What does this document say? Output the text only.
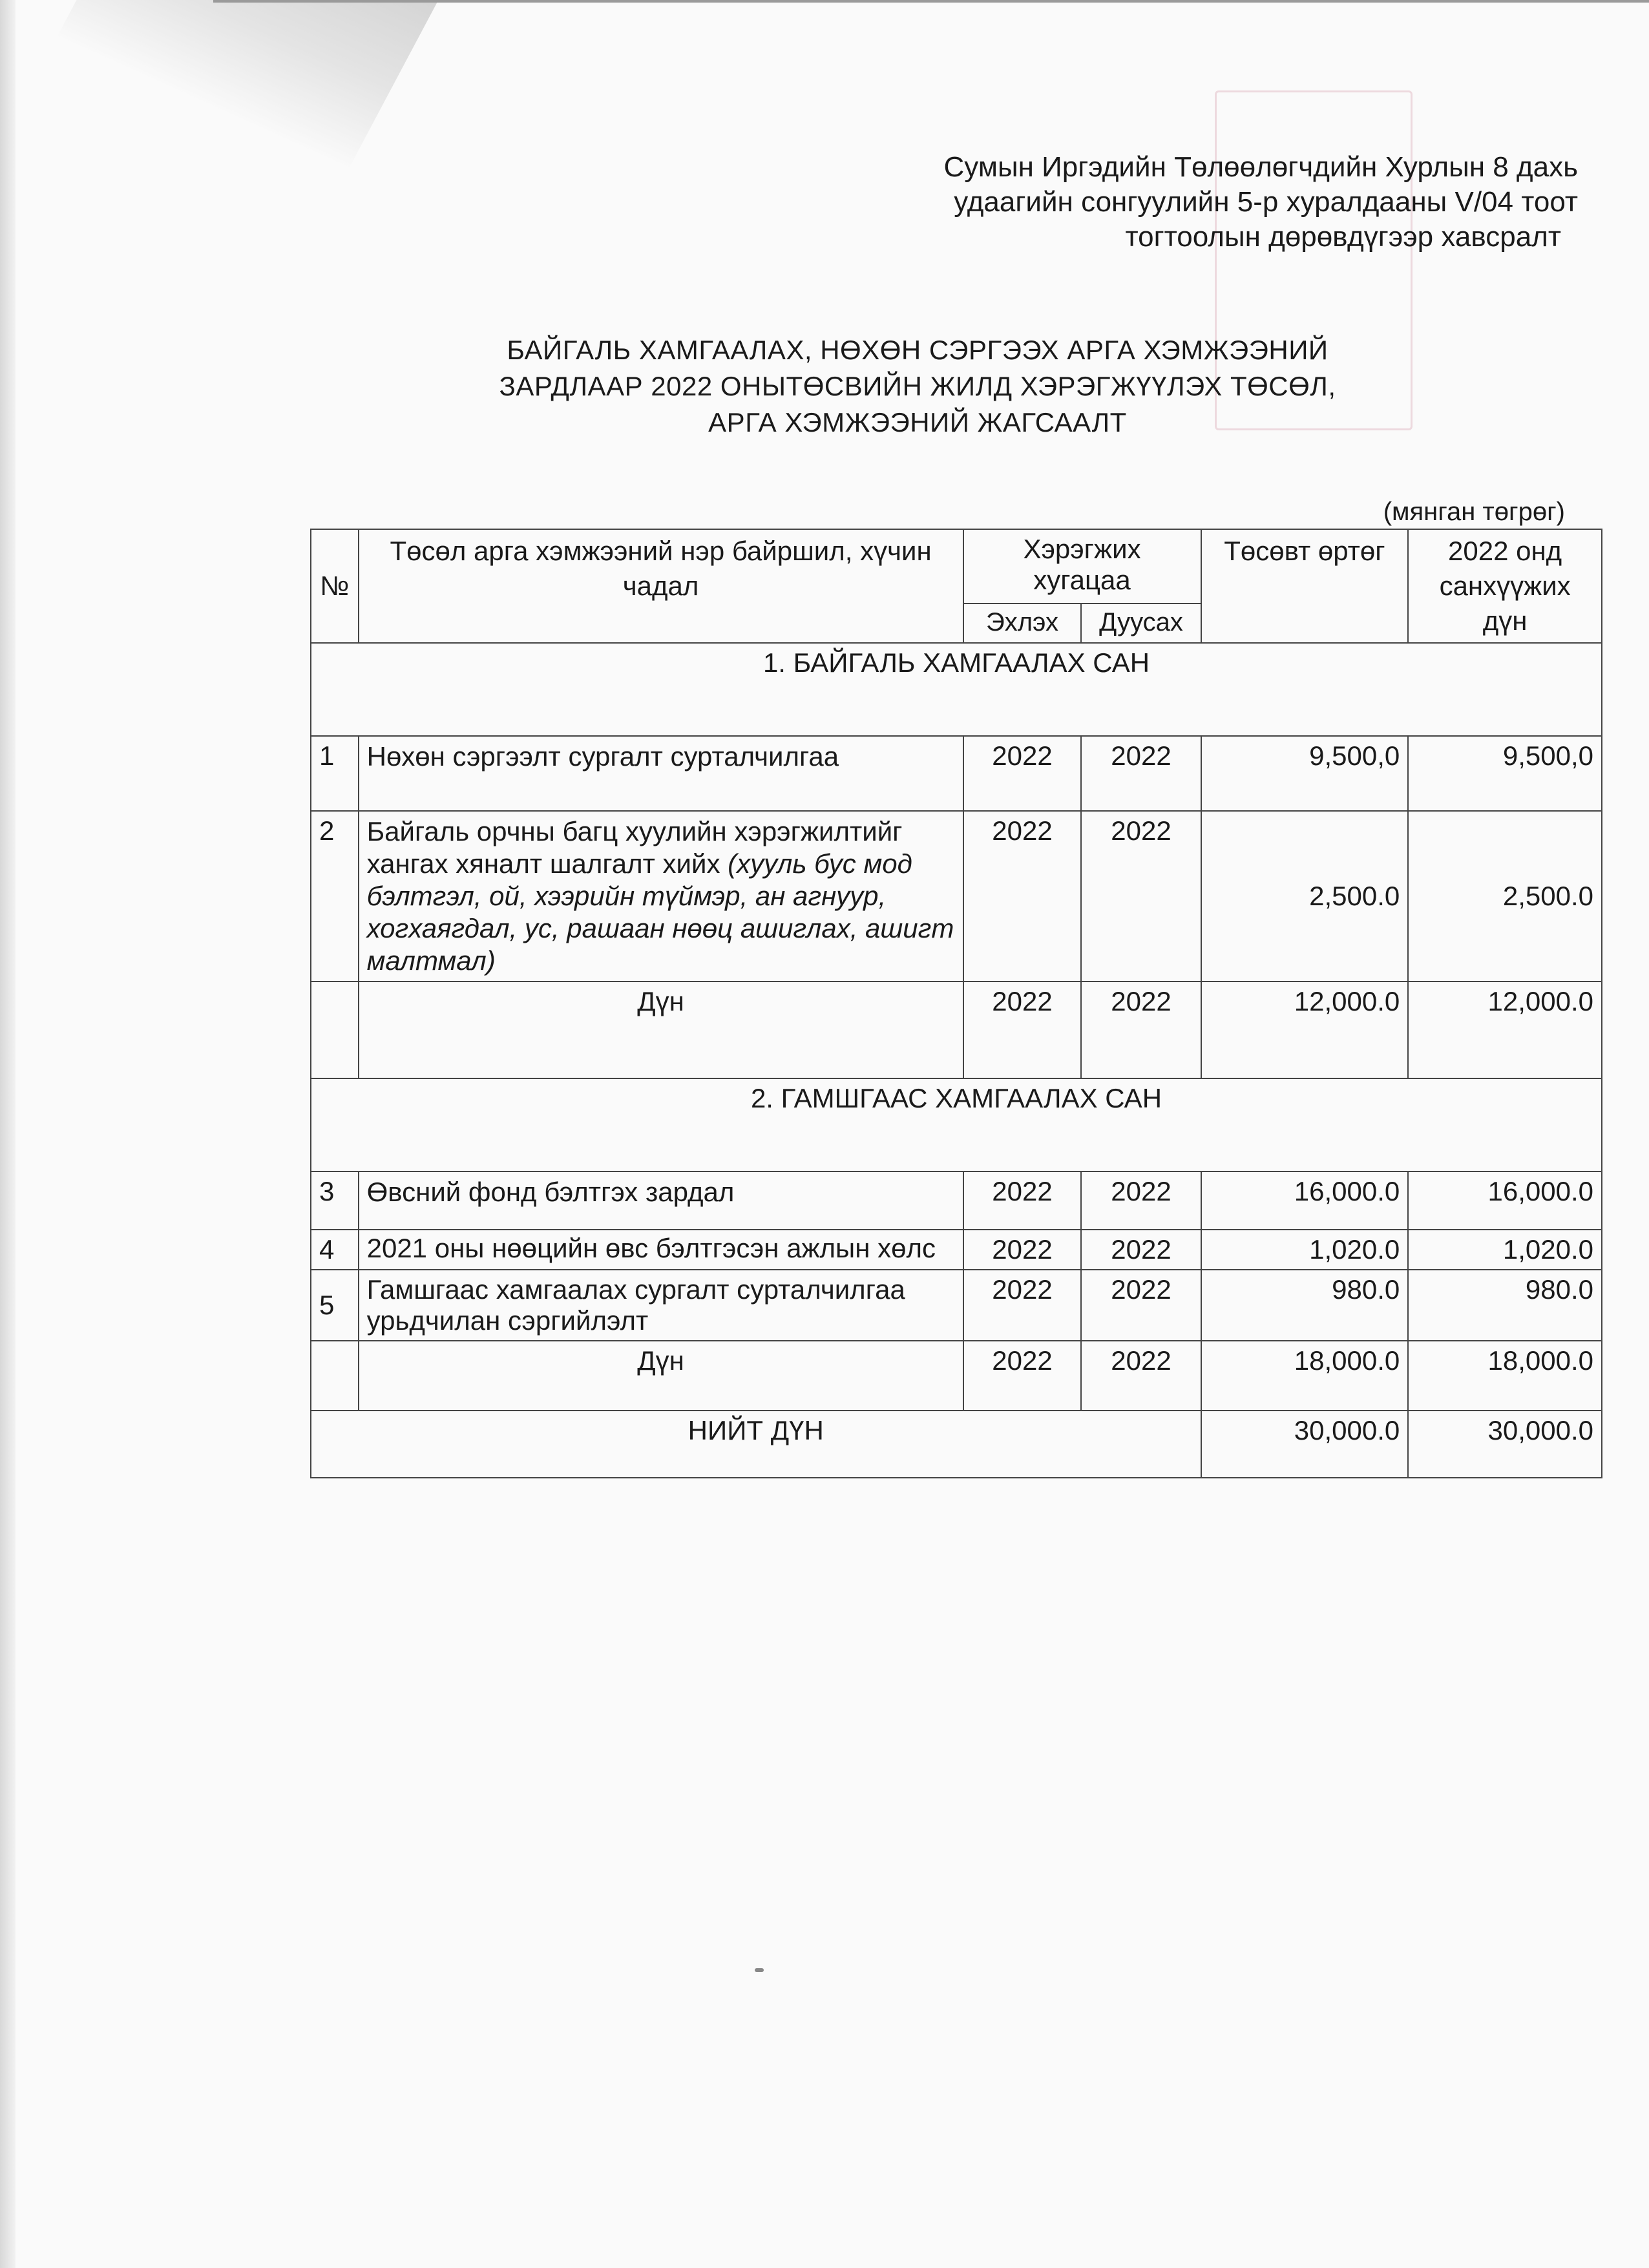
Сумын Иргэдийн Төлөөлөгчдийн Хурлын 8 дахь
удаагийн сонгуулийн 5-р хуралдааны V/04 тоот
тогтоолын дөрөвдүгээр хавсралт
БАЙГАЛЬ ХАМГААЛАХ, НӨХӨН СЭРГЭЭХ АРГА ХЭМЖЭЭНИЙ
ЗАРДЛААР 2022 ОНЫТӨСВИЙН ЖИЛД ХЭРЭГЖҮҮЛЭХ ТӨСӨЛ,
АРГА ХЭМЖЭЭНИЙ ЖАГСААЛТ
(мянган төгрөг)
№	Төсөл арга хэмжээний нэр байршил, хүчин чадал	Хэрэгжих хугацаа		Төсөвт өртөг	2022 онд санхүүжих дүн
		Эхлэх	Дуусах		
1. БАЙГАЛЬ ХАМГААЛАХ САН					
1	Нөхөн сэргээлт сургалт сурталчилгаа	2022	2022	9,500,0	9,500,0
2	Байгаль орчны багц хуулийн хэрэгжилтийг хангах хяналт шалгалт хийх (хууль бус мод бэлтгэл, ой, хээрийн түймэр, ан агнуур, хогхаягдал, ус, рашаан нөөц ашиглах, ашигт малтмал)	2022	2022	2,500.0	2,500.0
	Дүн	2022	2022	12,000.0	12,000.0
2. ГАМШГААС ХАМГААЛАХ САН					
3	Өвсний фонд бэлтгэх зардал	2022	2022	16,000.0	16,000.0
4	2021 оны нөөцийн өвс бэлтгэсэн ажлын хөлс	2022	2022	1,020.0	1,020.0
5	Гамшгаас хамгаалах сургалт сурталчилгаа урьдчилан сэргийлэлт	2022	2022	980.0	980.0
	Дүн	2022	2022	18,000.0	18,000.0
НИЙТ ДҮН				30,000.0	30,000.0
